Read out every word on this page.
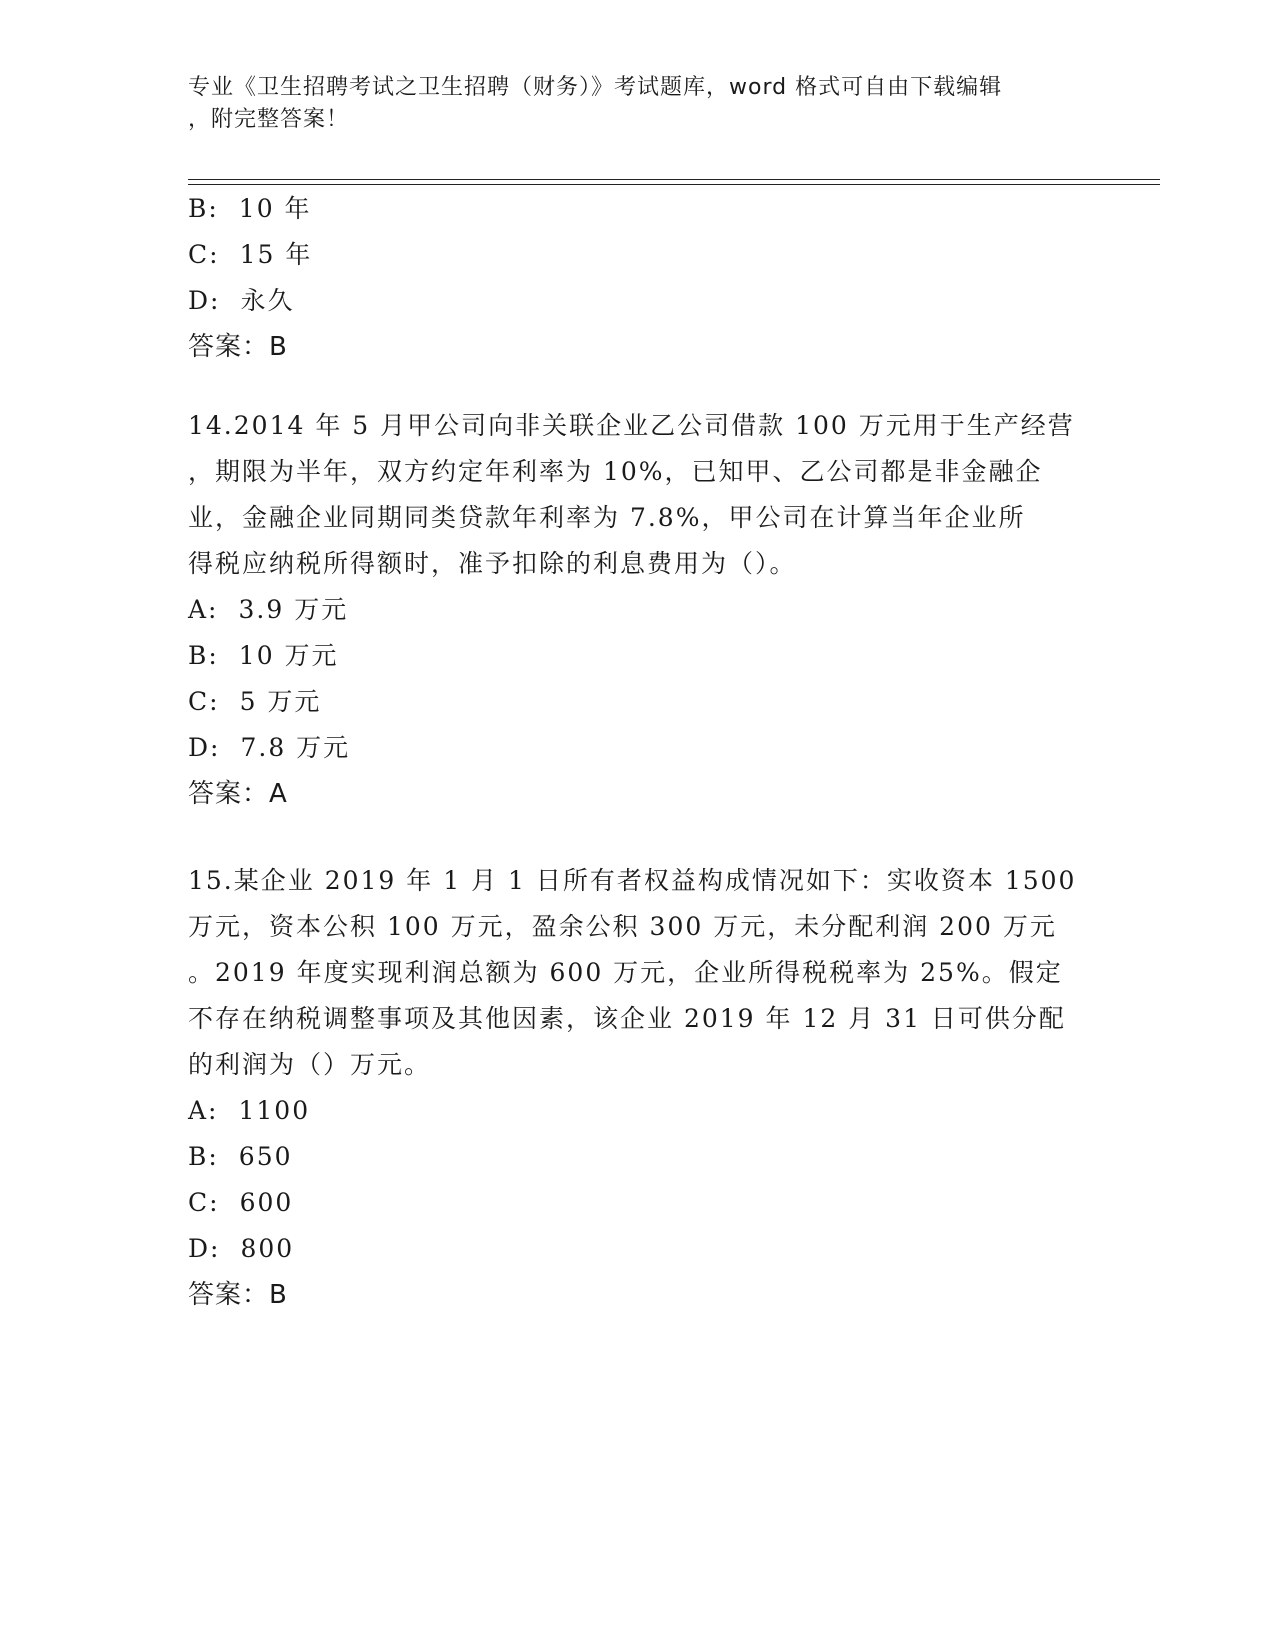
专业《卫生招聘考试之卫生招聘（财务）》考试题库，word 格式可自由下载编辑
，附完整答案！
B: 10 年
C: 15 年
D: 永久
答案：B
14.2014 年 5 月甲公司向非关联企业乙公司借款 100 万元用于生产经营
，期限为半年，双方约定年利率为 10%，已知甲、乙公司都是非金融企
业，金融企业同期同类贷款年利率为 7.8%，甲公司在计算当年企业所
得税应纳税所得额时，准予扣除的利息费用为（）。
A: 3.9 万元
B: 10 万元
C: 5 万元
D: 7.8 万元
答案：A
15.某企业 2019 年 1 月 1 日所有者权益构成情况如下：实收资本 1500
万元，资本公积 100 万元，盈余公积 300 万元，未分配利润 200 万元
。2019 年度实现利润总额为 600 万元，企业所得税税率为 25%。假定
不存在纳税调整事项及其他因素，该企业 2019 年 12 月 31 日可供分配
的利润为（）万元。
A: 1100
B: 650
C: 600
D: 800
答案：B
